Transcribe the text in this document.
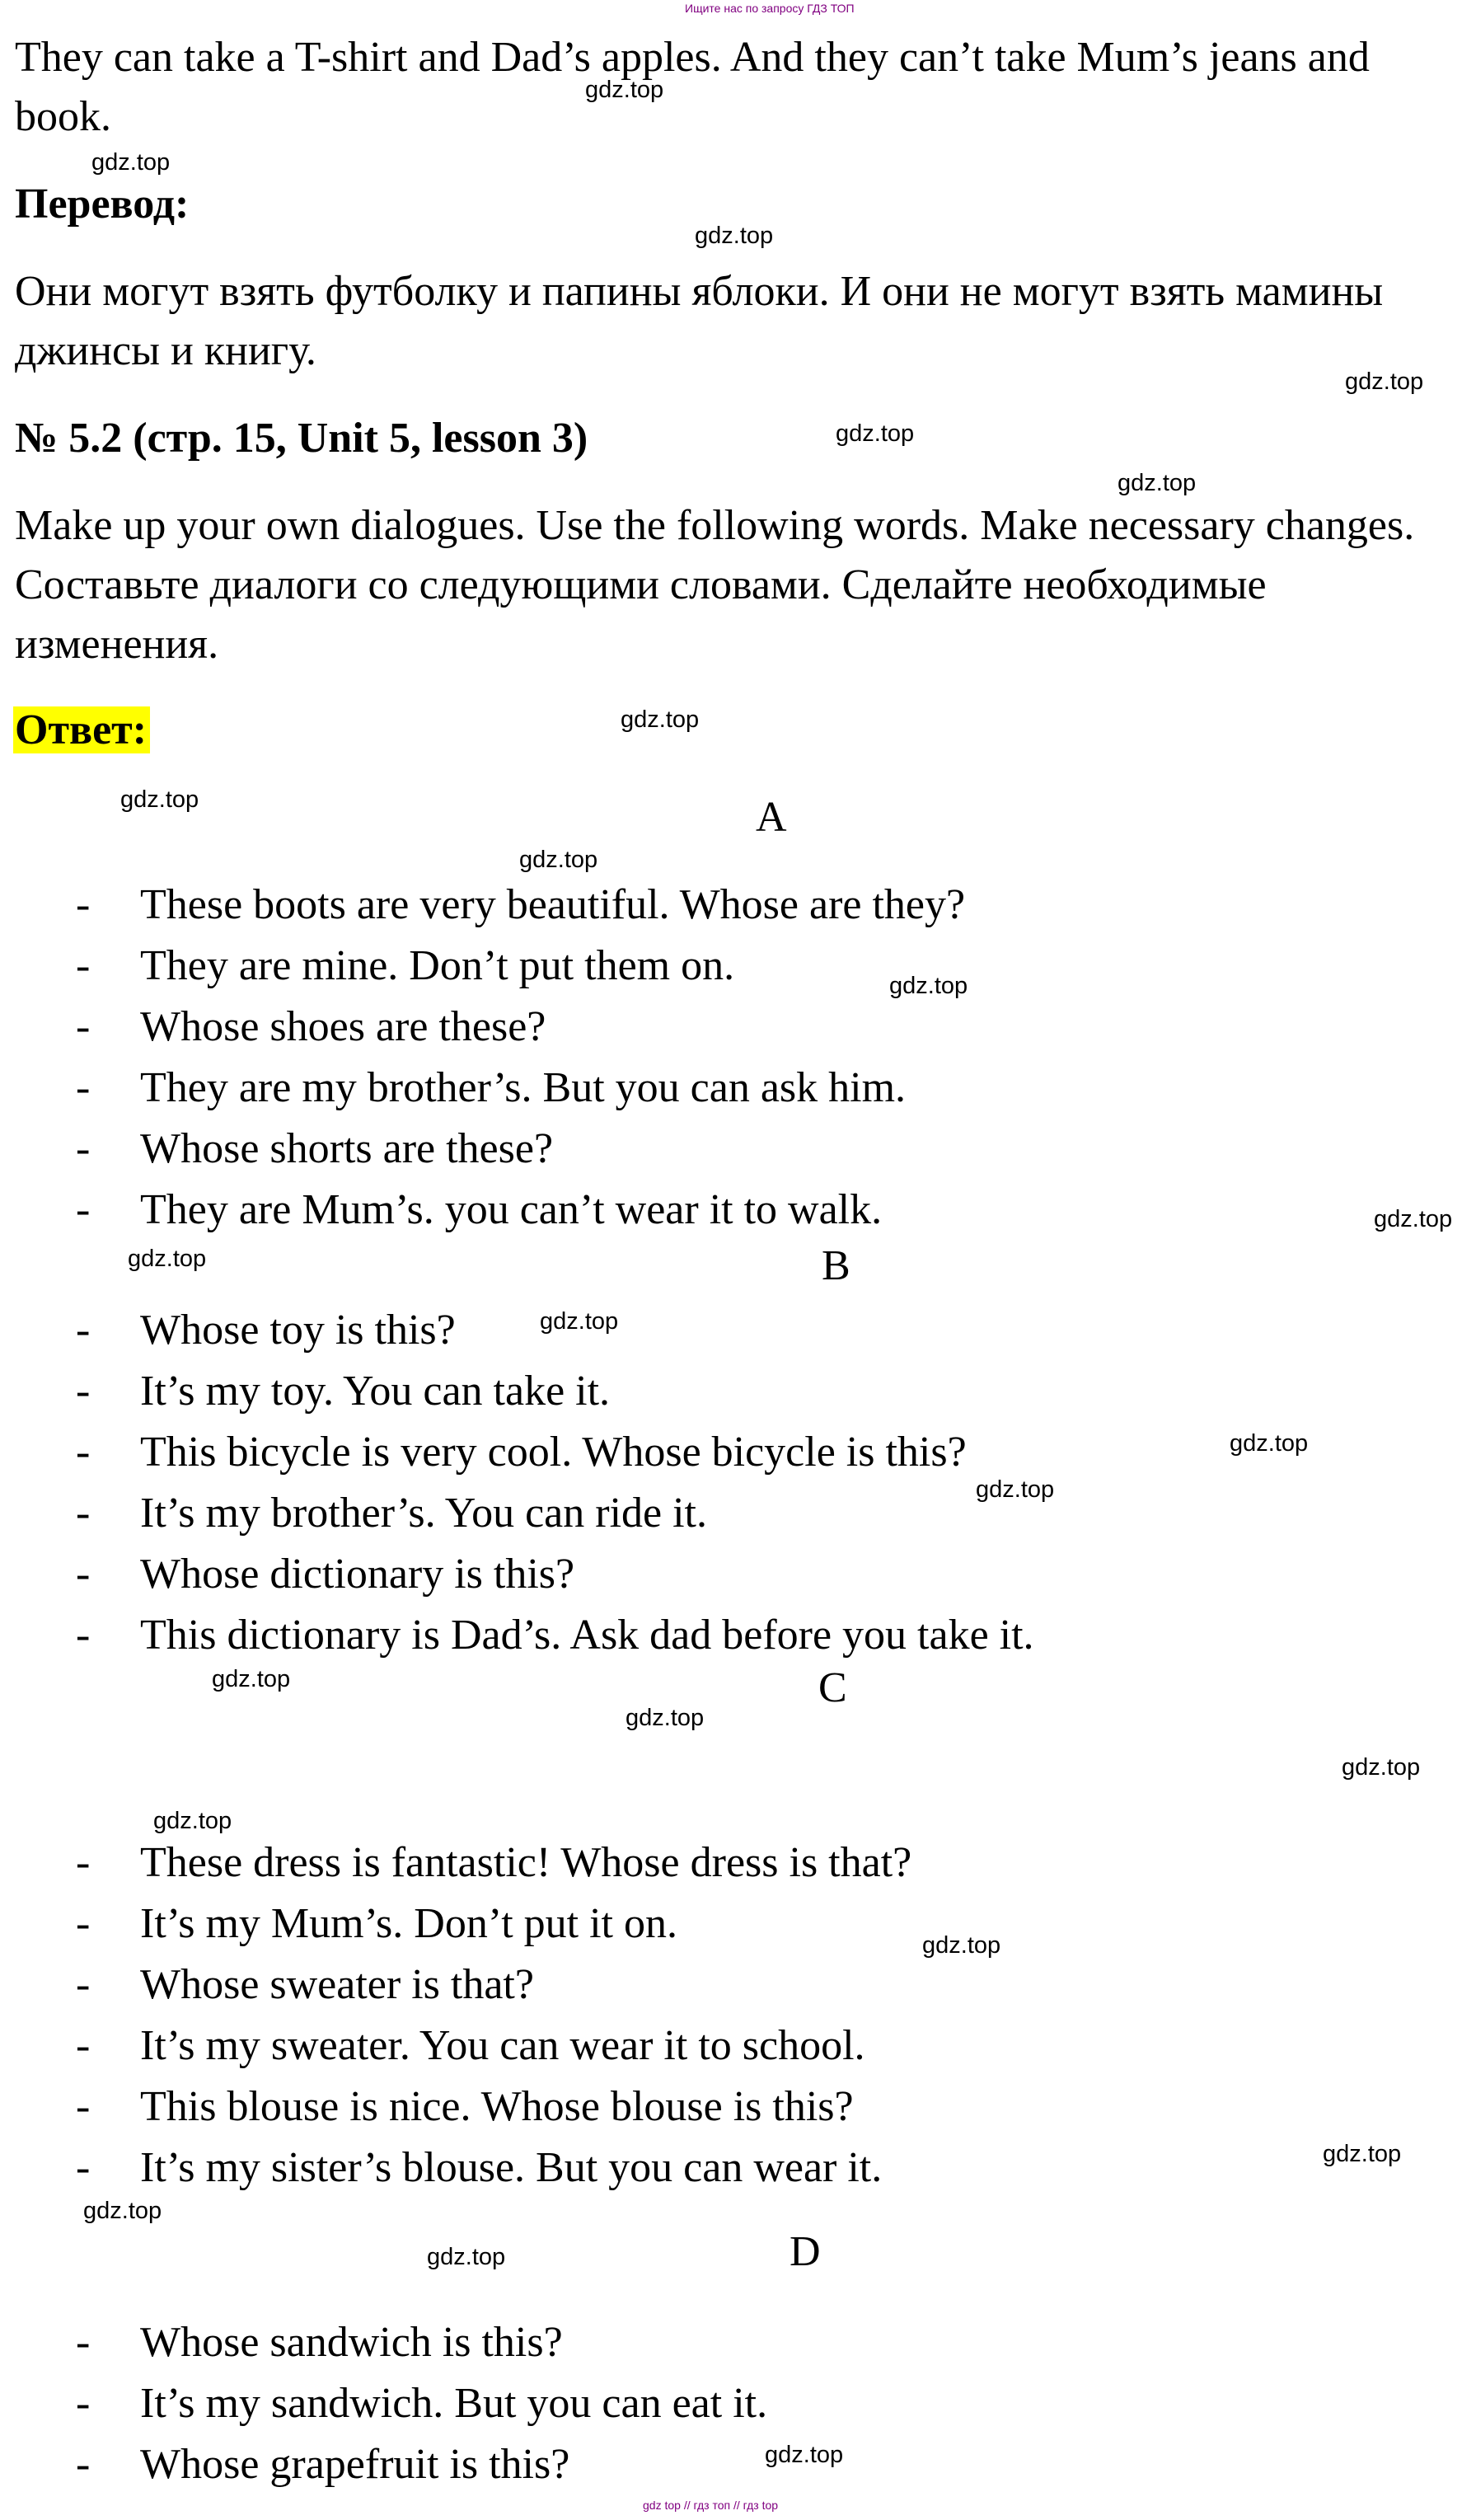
Ищите нас по запросу ГДЗ ТОП
gdz top // гдз топ // гдз top
They can take a T-shirt and Dad’s apples. And they can’t take Mum’s jeans and book.
Перевод:
Они могут взять футболку и папины яблоки. И они не могут взять мамины джинсы и книгу.
№ 5.2 (стр. 15, Unit 5, lesson 3)
Make up your own dialogues. Use the following words. Make necessary changes. Составьте диалоги со следующими словами. Сделайте необходимые изменения.
Ответ:
A
- These boots are very beautiful. Whose are they?
- They are mine. Don’t put them on.
- Whose shoes are these?
- They are my brother’s. But you can ask him.
- Whose shorts are these?
- They are Mum’s. you can’t wear it to walk.
B
- Whose toy is this?
- It’s my toy. You can take it.
- This bicycle is very cool. Whose bicycle is this?
- It’s my brother’s. You can ride it.
- Whose dictionary is this?
- This dictionary is Dad’s. Ask dad before you take it.
C
- These dress is fantastic! Whose dress is that?
- It’s my Mum’s. Don’t put it on.
- Whose sweater is that?
- It’s my sweater. You can wear it to school.
- This blouse is nice. Whose blouse is this?
- It’s my sister’s blouse. But you can wear it.
D
- Whose sandwich is this?
- It’s my sandwich. But you can eat it.
- Whose grapefruit is this?
gdz.top
gdz.top
gdz.top
gdz.top
gdz.top
gdz.top
gdz.top
gdz.top
gdz.top
gdz.top
gdz.top
gdz.top
gdz.top
gdz.top
gdz.top
gdz.top
gdz.top
gdz.top
gdz.top
gdz.top
gdz.top
gdz.top
gdz.top
gdz.top
